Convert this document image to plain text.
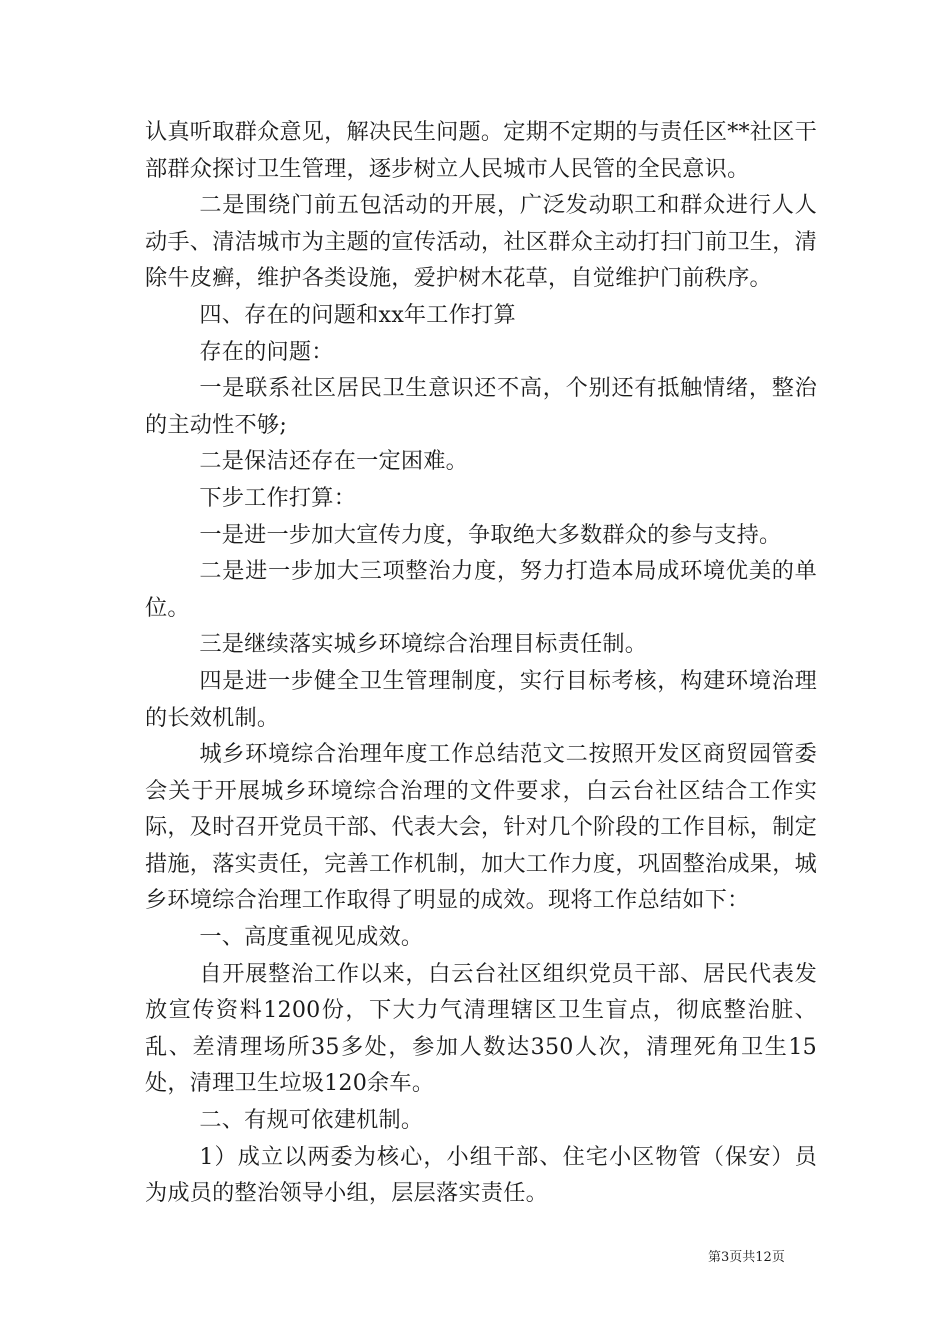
认真听取群众意见，解决民生问题。定期不定期的与责任区**社区干部群众探讨卫生管理，逐步树立人民城市人民管的全民意识。

二是围绕门前五包活动的开展，广泛发动职工和群众进行人人动手、清洁城市为主题的宣传活动，社区群众主动打扫门前卫生，清除牛皮癣，维护各类设施，爱护树木花草，自觉维护门前秩序。

四、存在的问题和xx年工作打算

存在的问题：

一是联系社区居民卫生意识还不高，个别还有抵触情绪，整治的主动性不够;

二是保洁还存在一定困难。

下步工作打算：

一是进一步加大宣传力度，争取绝大多数群众的参与支持。

二是进一步加大三项整治力度，努力打造本局成环境优美的单位。

三是继续落实城乡环境综合治理目标责任制。

四是进一步健全卫生管理制度，实行目标考核，构建环境治理的长效机制。

城乡环境综合治理年度工作总结范文二按照开发区商贸园管委会关于开展城乡环境综合治理的文件要求，白云台社区结合工作实际，及时召开党员干部、代表大会，针对几个阶段的工作目标，制定措施，落实责任，完善工作机制，加大工作力度，巩固整治成果，城乡环境综合治理工作取得了明显的成效。现将工作总结如下：

一、高度重视见成效。

自开展整治工作以来，白云台社区组织党员干部、居民代表发放宣传资料1200份，下大力气清理辖区卫生盲点，彻底整治脏、乱、差清理场所35多处，参加人数达350人次，清理死角卫生15处，清理卫生垃圾120余车。

二、有规可依建机制。

1）成立以两委为核心，小组干部、住宅小区物管（保安）员为成员的整治领导小组，层层落实责任。

第3页共12页
